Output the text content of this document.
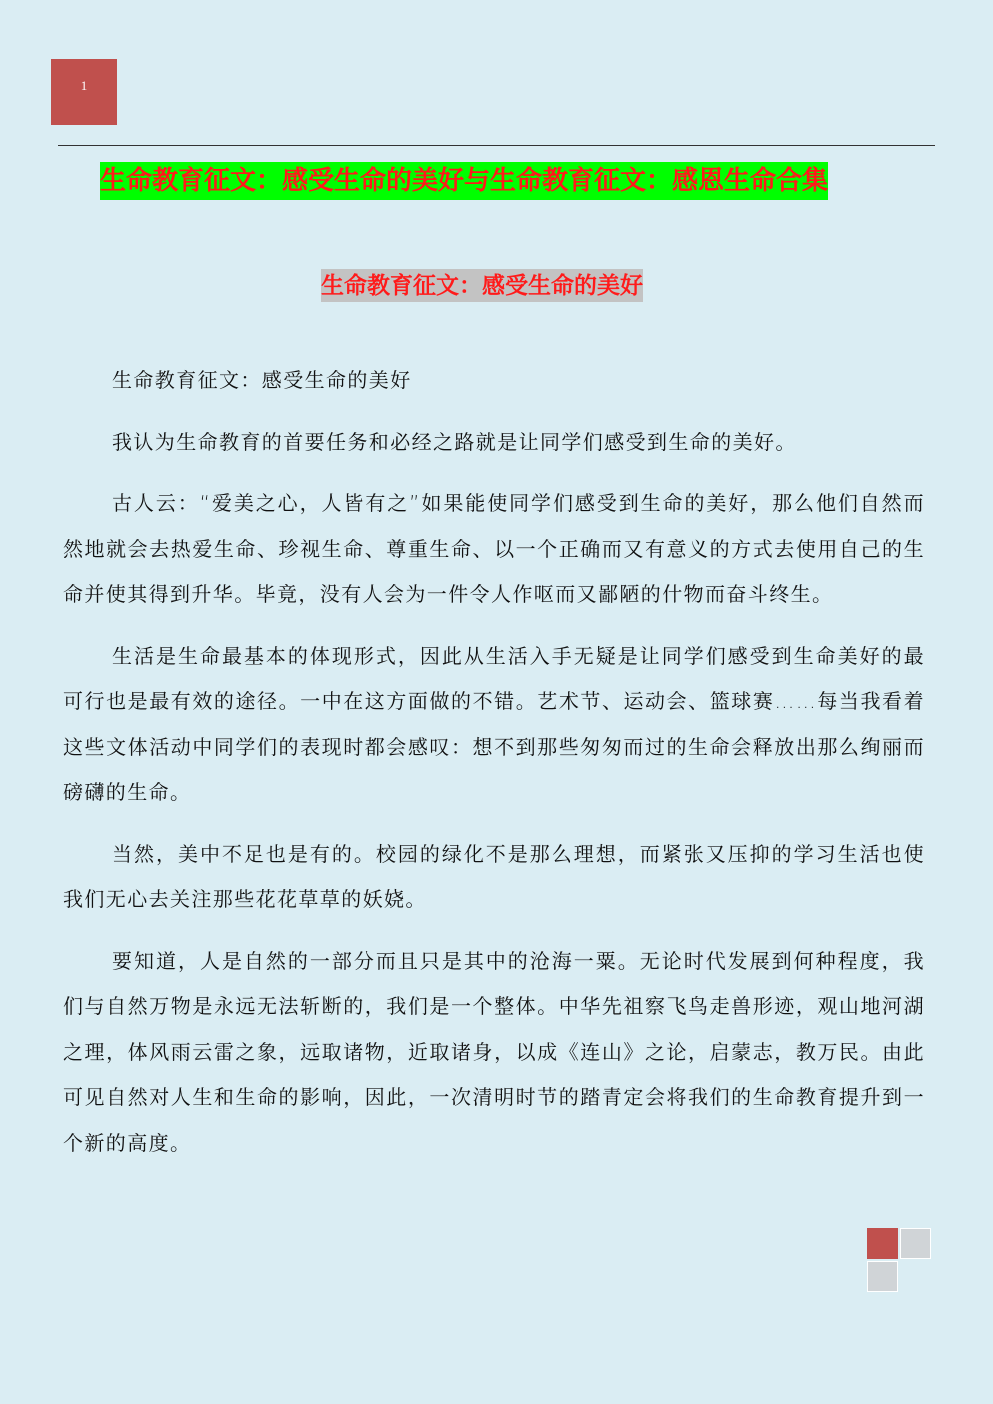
1
生命教育征文：感受生命的美好与生命教育征文：感恩生命合集
生命教育征文：感受生命的美好

生命教育征文：感受生命的美好

我认为生命教育的首要任务和必经之路就是让同学们感受到生命的美好。

古人云：“爱美之心，人皆有之”如果能使同学们感受到生命的美好，那么他们自然而然地就会去热爱生命、珍视生命、尊重生命、以一个正确而又有意义的方式去使用自己的生命并使其得到升华。毕竟，没有人会为一件令人作呕而又鄙陋的什物而奋斗终生。

生活是生命最基本的体现形式，因此从生活入手无疑是让同学们感受到生命美好的最可行也是最有效的途径。一中在这方面做的不错。艺术节、运动会、篮球赛……每当我看着这些文体活动中同学们的表现时都会感叹：想不到那些匆匆而过的生命会释放出那么绚丽而磅礴的生命。

当然，美中不足也是有的。校园的绿化不是那么理想，而紧张又压抑的学习生活也使我们无心去关注那些花花草草的妖娆。

要知道，人是自然的一部分而且只是其中的沧海一粟。无论时代发展到何种程度，我们与自然万物是永远无法斩断的，我们是一个整体。中华先祖察飞鸟走兽形迹，观山地河湖之理，体风雨云雷之象，远取诸物，近取诸身，以成《连山》之论，启蒙志，教万民。由此可见自然对人生和生命的影响，因此，一次清明时节的踏青定会将我们的生命教育提升到一个新的高度。
